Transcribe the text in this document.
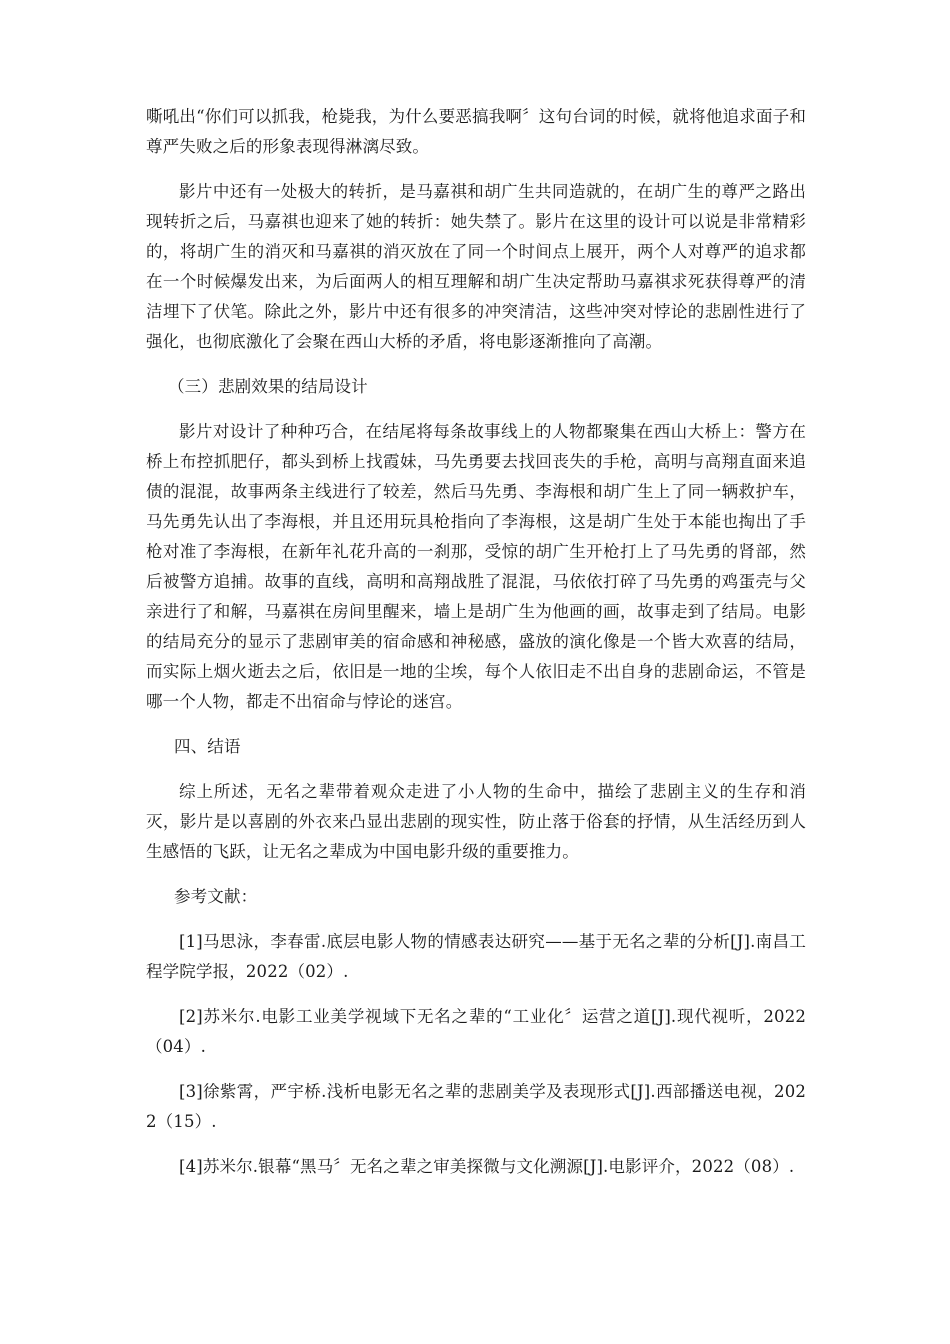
嘶吼出“你们可以抓我，枪毙我，为什么要恶搞我啊〞这句台词的时候，就将他追求面子和尊严失败之后的形象表现得淋漓尽致。

影片中还有一处极大的转折，是马嘉祺和胡广生共同造就的，在胡广生的尊严之路出现转折之后，马嘉祺也迎来了她的转折：她失禁了。影片在这里的设计可以说是非常精彩的，将胡广生的消灭和马嘉祺的消灭放在了同一个时间点上展开，两个人对尊严的追求都在一个时候爆发出来，为后面两人的相互理解和胡广生决定帮助马嘉祺求死获得尊严的清洁埋下了伏笔。除此之外，影片中还有很多的冲突清洁，这些冲突对悖论的悲剧性进行了强化，也彻底激化了会聚在西山大桥的矛盾，将电影逐渐推向了高潮。

（三）悲剧效果的结局设计

影片对设计了种种巧合，在结尾将每条故事线上的人物都聚集在西山大桥上：警方在桥上布控抓肥仔，都头到桥上找霞妹，马先勇要去找回丧失的手枪，高明与高翔直面来追债的混混，故事两条主线进行了较差，然后马先勇、李海根和胡广生上了同一辆救护车，马先勇先认出了李海根，并且还用玩具枪指向了李海根，这是胡广生处于本能也掏出了手枪对准了李海根，在新年礼花升高的一刹那，受惊的胡广生开枪打上了马先勇的肾部，然后被警方追捕。故事的直线，高明和高翔战胜了混混，马依依打碎了马先勇的鸡蛋壳与父亲进行了和解，马嘉祺在房间里醒来，墙上是胡广生为他画的画，故事走到了结局。电影的结局充分的显示了悲剧审美的宿命感和神秘感，盛放的演化像是一个皆大欢喜的结局，而实际上烟火逝去之后，依旧是一地的尘埃，每个人依旧走不出自身的悲剧命运，不管是哪一个人物，都走不出宿命与悖论的迷宫。

四、结语

综上所述，无名之辈带着观众走进了小人物的生命中，描绘了悲剧主义的生存和消灭，影片是以喜剧的外衣来凸显出悲剧的现实性，防止落于俗套的抒情，从生活经历到人生感悟的飞跃，让无名之辈成为中国电影升级的重要推力。

参考文献：

[1]马思泳，李春雷.底层电影人物的情感表达研究——基于无名之辈的分析[J].南昌工程学院学报，2022（02）.

[2]苏米尔.电影工业美学视域下无名之辈的“工业化〞运营之道[J].现代视听，2022（04）.

[3]徐紫霄，严宇桥.浅析电影无名之辈的悲剧美学及表现形式[J].西部播送电视，2022（15）.

[4]苏米尔.银幕“黑马〞无名之辈之审美探微与文化溯源[J].电影评介，2022（08）.
